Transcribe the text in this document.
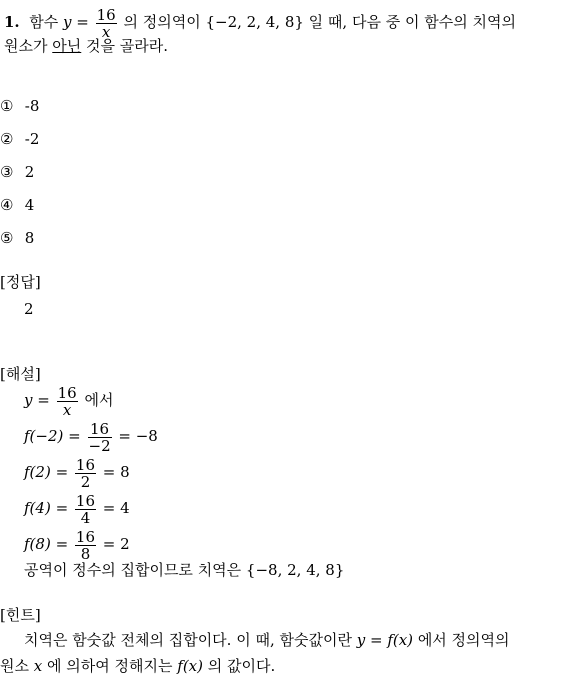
1. 함수 $y = \frac{16}{x}$ 의 정의역이 {−2, 2, 4, 8} 일 때, 다음 중 이 함수의 치역의
원소가 아닌 것을 골라라.
① -8
② -2
③ 2
④ 4
⑤ 8
[정답]
2
[해설]
$y = \frac{16}{x}$ 에서
$f(-2) = \frac{16}{-2} = -8$
$f(2) = \frac{16}{2} = 8$
$f(4) = \frac{16}{4} = 4$
$f(8) = \frac{16}{8} = 2$
공역이 정수의 집합이므로 치역은 {−8, 2, 4, 8}
[힌트]
치역은 함숫값 전체의 집합이다. 이 때, 함숫값이란 y = f(x) 에서 정의역의
원소 x 에 의하여 정해지는 f(x) 의 값이다.
